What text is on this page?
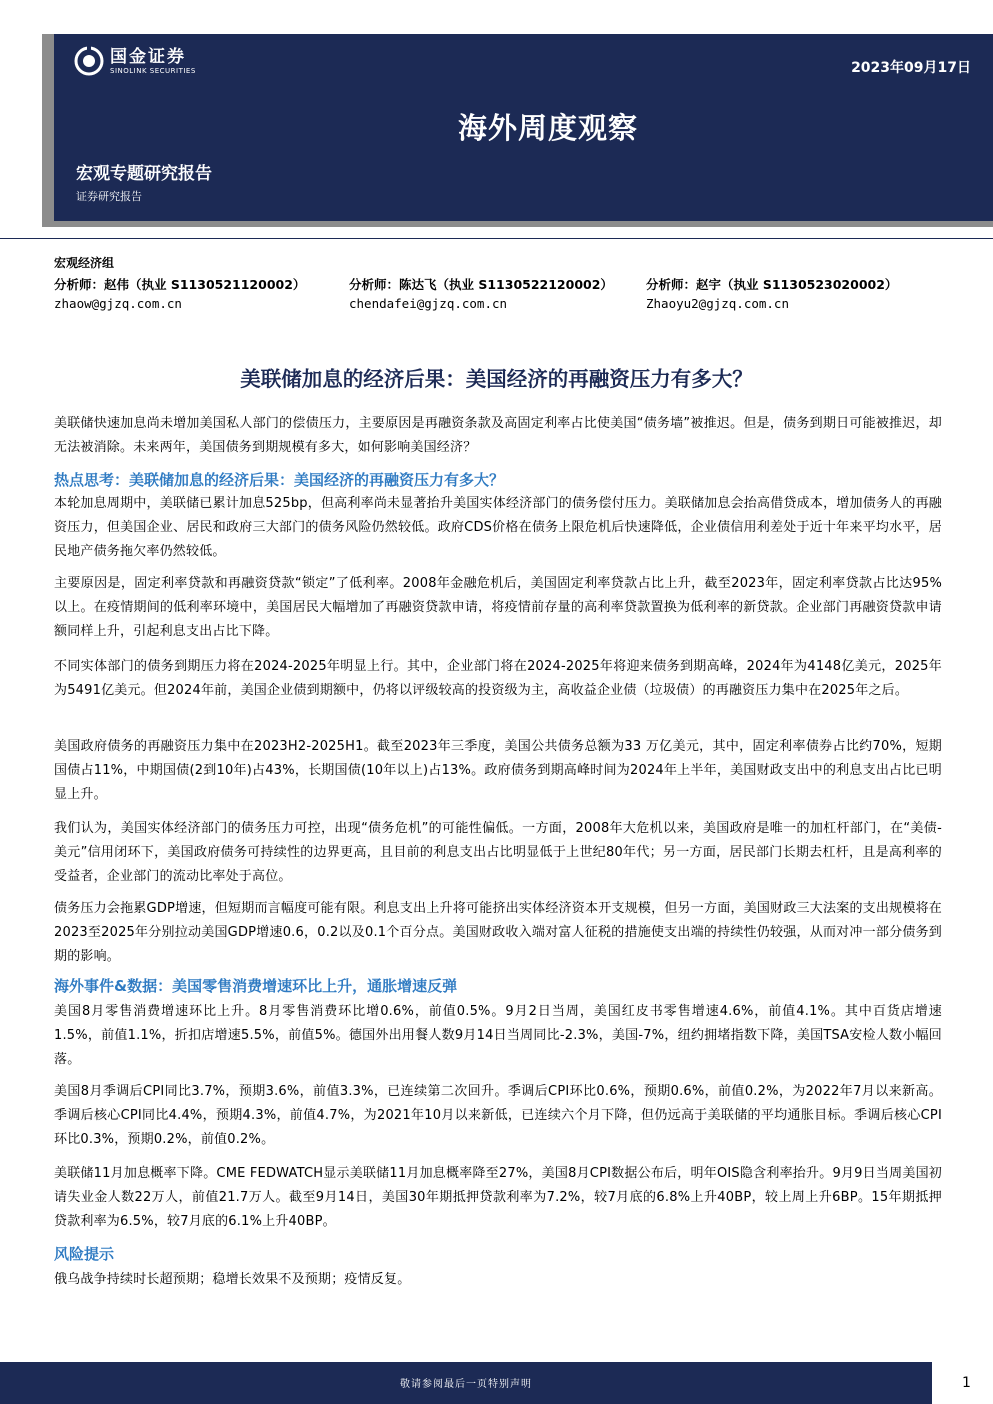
国金证券
SINOLINK SECURITIES	2023年09月17日
海外周度观察
宏观专题研究报告
证券研究报告
宏观经济组
分析师：赵伟（执业 S1130521120002）	分析师：陈达飞（执业 S1130522120002）	分析师：赵宇（执业 S1130523020002）
zhaow@gjzq.com.cn	chendafei@gjzq.com.cn	Zhaoyu2@gjzq.com.cn
美联储加息的经济后果：美国经济的再融资压力有多大？
美联储快速加息尚未增加美国私人部门的偿债压力，主要原因是再融资条款及高固定利率占比使美国“债务墙”被推迟。但是，债务到期日可能被推迟，却无法被消除。未来两年，美国债务到期规模有多大，如何影响美国经济？
热点思考：美联储加息的经济后果：美国经济的再融资压力有多大？
本轮加息周期中，美联储已累计加息525bp，但高利率尚未显著抬升美国实体经济部门的债务偿付压力。美联储加息会抬高借贷成本，增加债务人的再融资压力，但美国企业、居民和政府三大部门的债务风险仍然较低。政府CDS价格在债务上限危机后快速降低，企业债信用利差处于近十年来平均水平，居民地产债务拖欠率仍然较低。
主要原因是，固定利率贷款和再融资贷款“锁定”了低利率。2008年金融危机后，美国固定利率贷款占比上升，截至2023年，固定利率贷款占比达95%以上。在疫情期间的低利率环境中，美国居民大幅增加了再融资贷款申请，将疫情前存量的高利率贷款置换为低利率的新贷款。企业部门再融资贷款申请额同样上升，引起利息支出占比下降。
不同实体部门的债务到期压力将在2024-2025年明显上行。其中，企业部门将在2024-2025年将迎来债务到期高峰，2024年为4148亿美元，2025年为5491亿美元。但2024年前，美国企业债到期额中，仍将以评级较高的投资级为主，高收益企业债（垃圾债）的再融资压力集中在2025年之后。
美国政府债务的再融资压力集中在2023H2-2025H1。截至2023年三季度，美国公共债务总额为33 万亿美元，其中，固定利率债券占比约70%，短期国债占11%，中期国债(2到10年)占43%，长期国债(10年以上)占13%。政府债务到期高峰时间为2024年上半年，美国财政支出中的利息支出占比已明显上升。
我们认为，美国实体经济部门的债务压力可控，出现“债务危机”的可能性偏低。一方面，2008年大危机以来，美国政府是唯一的加杠杆部门，在“美债-美元”信用闭环下，美国政府债务可持续性的边界更高，且目前的利息支出占比明显低于上世纪80年代；另一方面，居民部门长期去杠杆，且是高利率的受益者，企业部门的流动比率处于高位。
债务压力会拖累GDP增速，但短期而言幅度可能有限。利息支出上升将可能挤出实体经济资本开支规模，但另一方面，美国财政三大法案的支出规模将在2023至2025年分别拉动美国GDP增速0.6，0.2以及0.1个百分点。美国财政收入端对富人征税的措施使支出端的持续性仍较强，从而对冲一部分债务到期的影响。
海外事件&数据：美国零售消费增速环比上升，通胀增速反弹
美国8月零售消费增速环比上升。8月零售消费环比增0.6%，前值0.5%。9月2日当周，美国红皮书零售增速4.6%，前值4.1%。其中百货店增速1.5%，前值1.1%，折扣店增速5.5%，前值5%。德国外出用餐人数9月14日当周同比-2.3%，美国-7%，纽约拥堵指数下降，美国TSA安检人数小幅回落。
美国8月季调后CPI同比3.7%，预期3.6%，前值3.3%，已连续第二次回升。季调后CPI环比0.6%，预期0.6%，前值0.2%，为2022年7月以来新高。季调后核心CPI同比4.4%，预期4.3%，前值4.7%，为2021年10月以来新低，已连续六个月下降，但仍远高于美联储的平均通胀目标。季调后核心CPI环比0.3%，预期0.2%，前值0.2%。
美联储11月加息概率下降。CME FEDWATCH显示美联储11月加息概率降至27%，美国8月CPI数据公布后，明年OIS隐含利率抬升。9月9日当周美国初请失业金人数22万人，前值21.7万人。截至9月14日，美国30年期抵押贷款利率为7.2%，较7月底的6.8%上升40BP，较上周上升6BP。15年期抵押贷款利率为6.5%，较7月底的6.1%上升40BP。
风险提示
俄乌战争持续时长超预期；稳增长效果不及预期；疫情反复。
敬请参阅最后一页特别声明	1
